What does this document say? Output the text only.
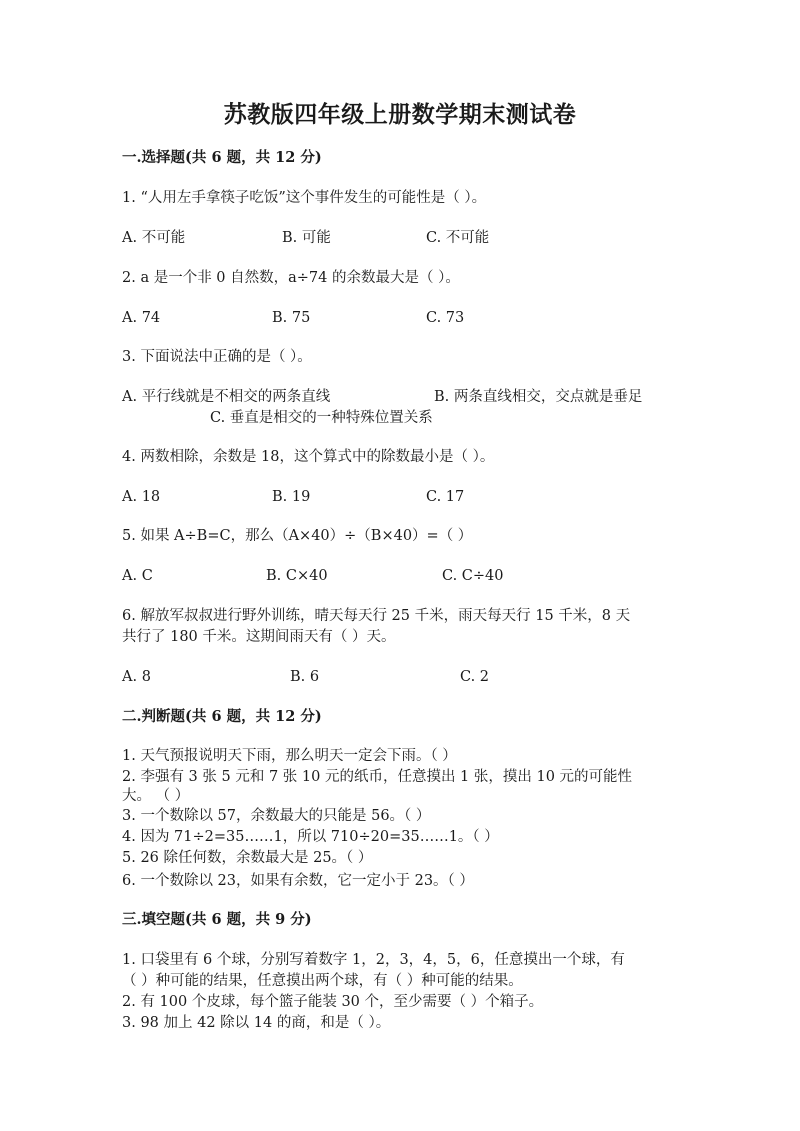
苏教版四年级上册数学期末测试卷
一.选择题(共 6 题，共 12 分)
1. “人用左手拿筷子吃饭”这个事件发生的可能性是（ ）。
A. 不可能	B. 可能	C. 不可能
2. a 是一个非 0 自然数，a÷74 的余数最大是（ ）。
A. 74	B. 75	C. 73
3. 下面说法中正确的是（ ）。
A. 平行线就是不相交的两条直线	B. 两条直线相交，交点就是垂足
C. 垂直是相交的一种特殊位置关系
4. 两数相除，余数是 18，这个算式中的除数最小是（ ）。
A. 18	B. 19	C. 17
5. 如果 A÷B=C，那么（A×40）÷（B×40）=（ ）
A. C	B. C×40	C. C÷40
6. 解放军叔叔进行野外训练，晴天每天行 25 千米，雨天每天行 15 千米，8 天
共行了 180 千米。这期间雨天有（ ）天。
A. 8	B. 6	C. 2
二.判断题(共 6 题，共 12 分)
1. 天气预报说明天下雨，那么明天一定会下雨。（ ）
2. 李强有 3 张 5 元和 7 张 10 元的纸币，任意摸出 1 张，摸出 10 元的可能性
大。 （ ）
3. 一个数除以 57，余数最大的只能是 56。（ ）
4. 因为 71÷2=35……1，所以 710÷20=35……1。（ ）
5. 26 除任何数，余数最大是 25。（ ）
6. 一个数除以 23，如果有余数，它一定小于 23。（ ）
三.填空题(共 6 题，共 9 分)
1. 口袋里有 6 个球，分别写着数字 1，2，3，4，5，6，任意摸出一个球，有
（ ）种可能的结果，任意摸出两个球，有（ ）种可能的结果。
2. 有 100 个皮球，每个篮子能装 30 个，至少需要（ ）个箱子。
3. 98 加上 42 除以 14 的商，和是（ ）。
